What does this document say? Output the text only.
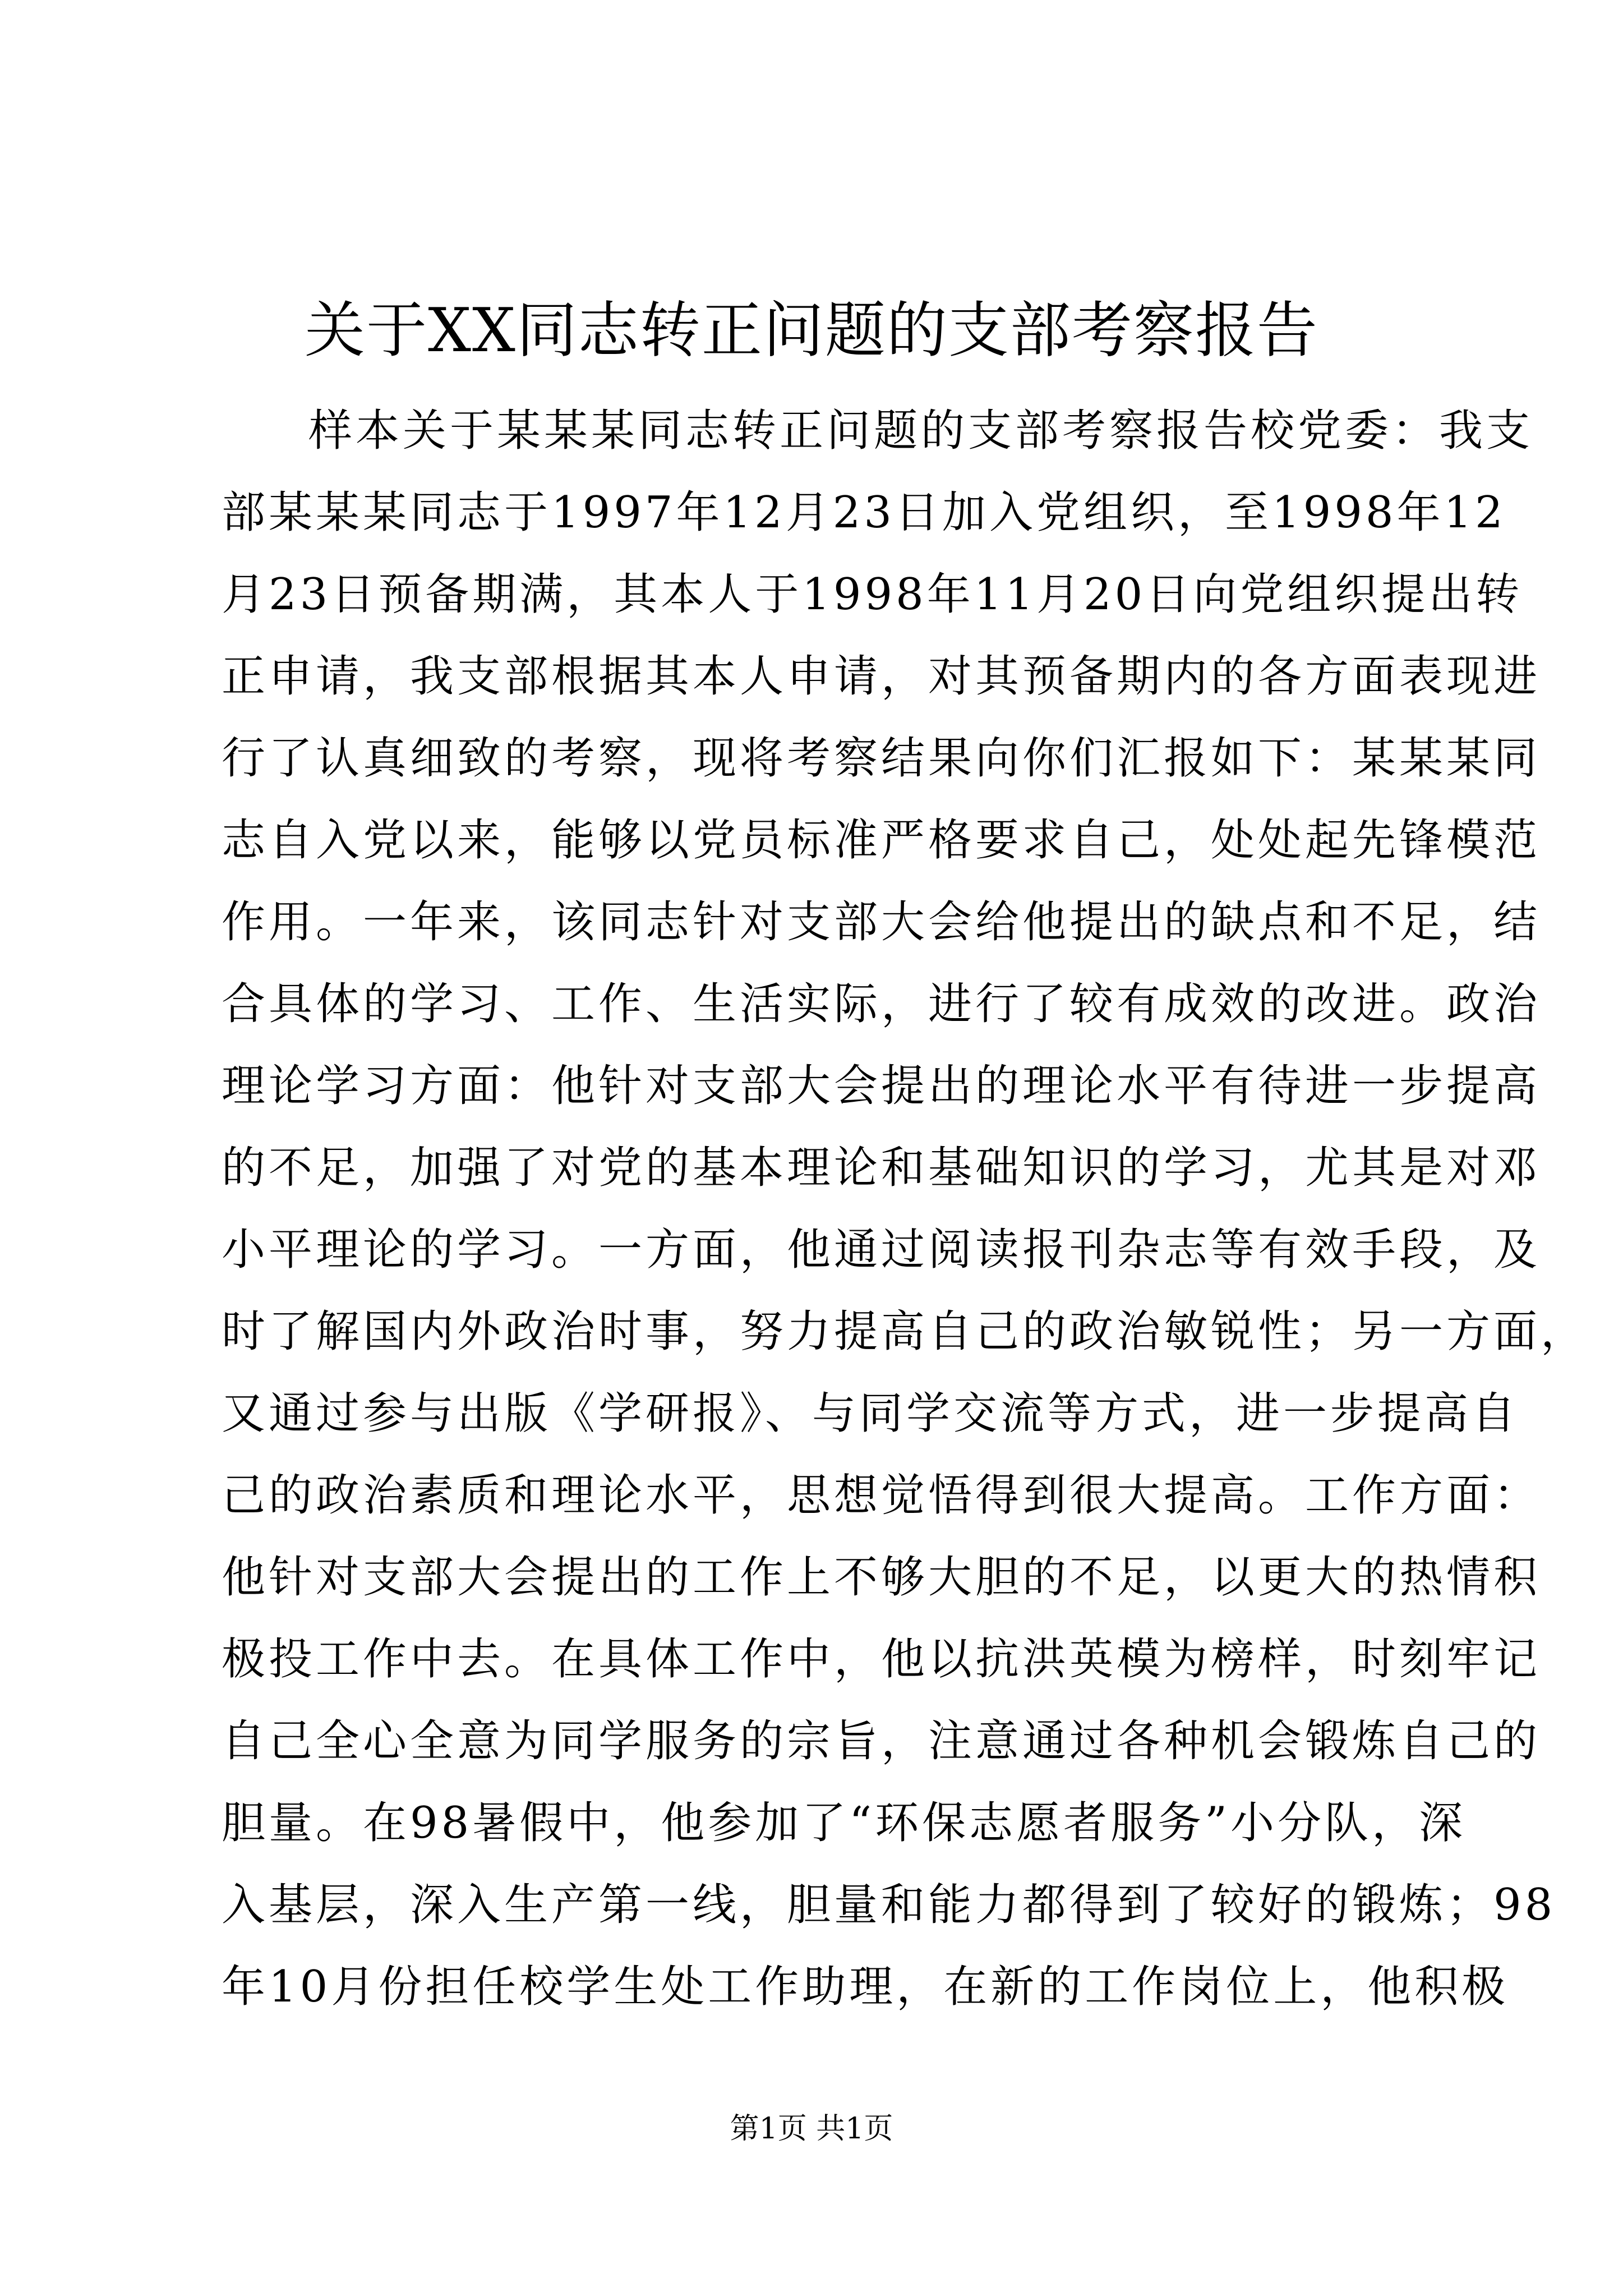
关于XX同志转正问题的支部考察报告
样本关于某某某同志转正问题的支部考察报告校党委：我支
部某某某同志于1997年12月23日加入党组织，至1998年12
月23日预备期满，其本人于1998年11月20日向党组织提出转
正申请，我支部根据其本人申请，对其预备期内的各方面表现进
行了认真细致的考察，现将考察结果向你们汇报如下：某某某同
志自入党以来，能够以党员标准严格要求自己，处处起先锋模范
作用。一年来，该同志针对支部大会给他提出的缺点和不足，结
合具体的学习、工作、生活实际，进行了较有成效的改进。政治
理论学习方面：他针对支部大会提出的理论水平有待进一步提高
的不足，加强了对党的基本理论和基础知识的学习，尤其是对邓
小平理论的学习。一方面，他通过阅读报刊杂志等有效手段，及
时了解国内外政治时事，努力提高自己的政治敏锐性；另一方面，
又通过参与出版《学研报》、与同学交流等方式，进一步提高自
己的政治素质和理论水平，思想觉悟得到很大提高。工作方面：
他针对支部大会提出的工作上不够大胆的不足，以更大的热情积
极投工作中去。在具体工作中，他以抗洪英模为榜样，时刻牢记
自己全心全意为同学服务的宗旨，注意通过各种机会锻炼自己的
胆量。在98暑假中，他参加了“环保志愿者服务”小分队，深
入基层，深入生产第一线，胆量和能力都得到了较好的锻炼；98
年10月份担任校学生处工作助理，在新的工作岗位上，他积极
第1页 共1页
